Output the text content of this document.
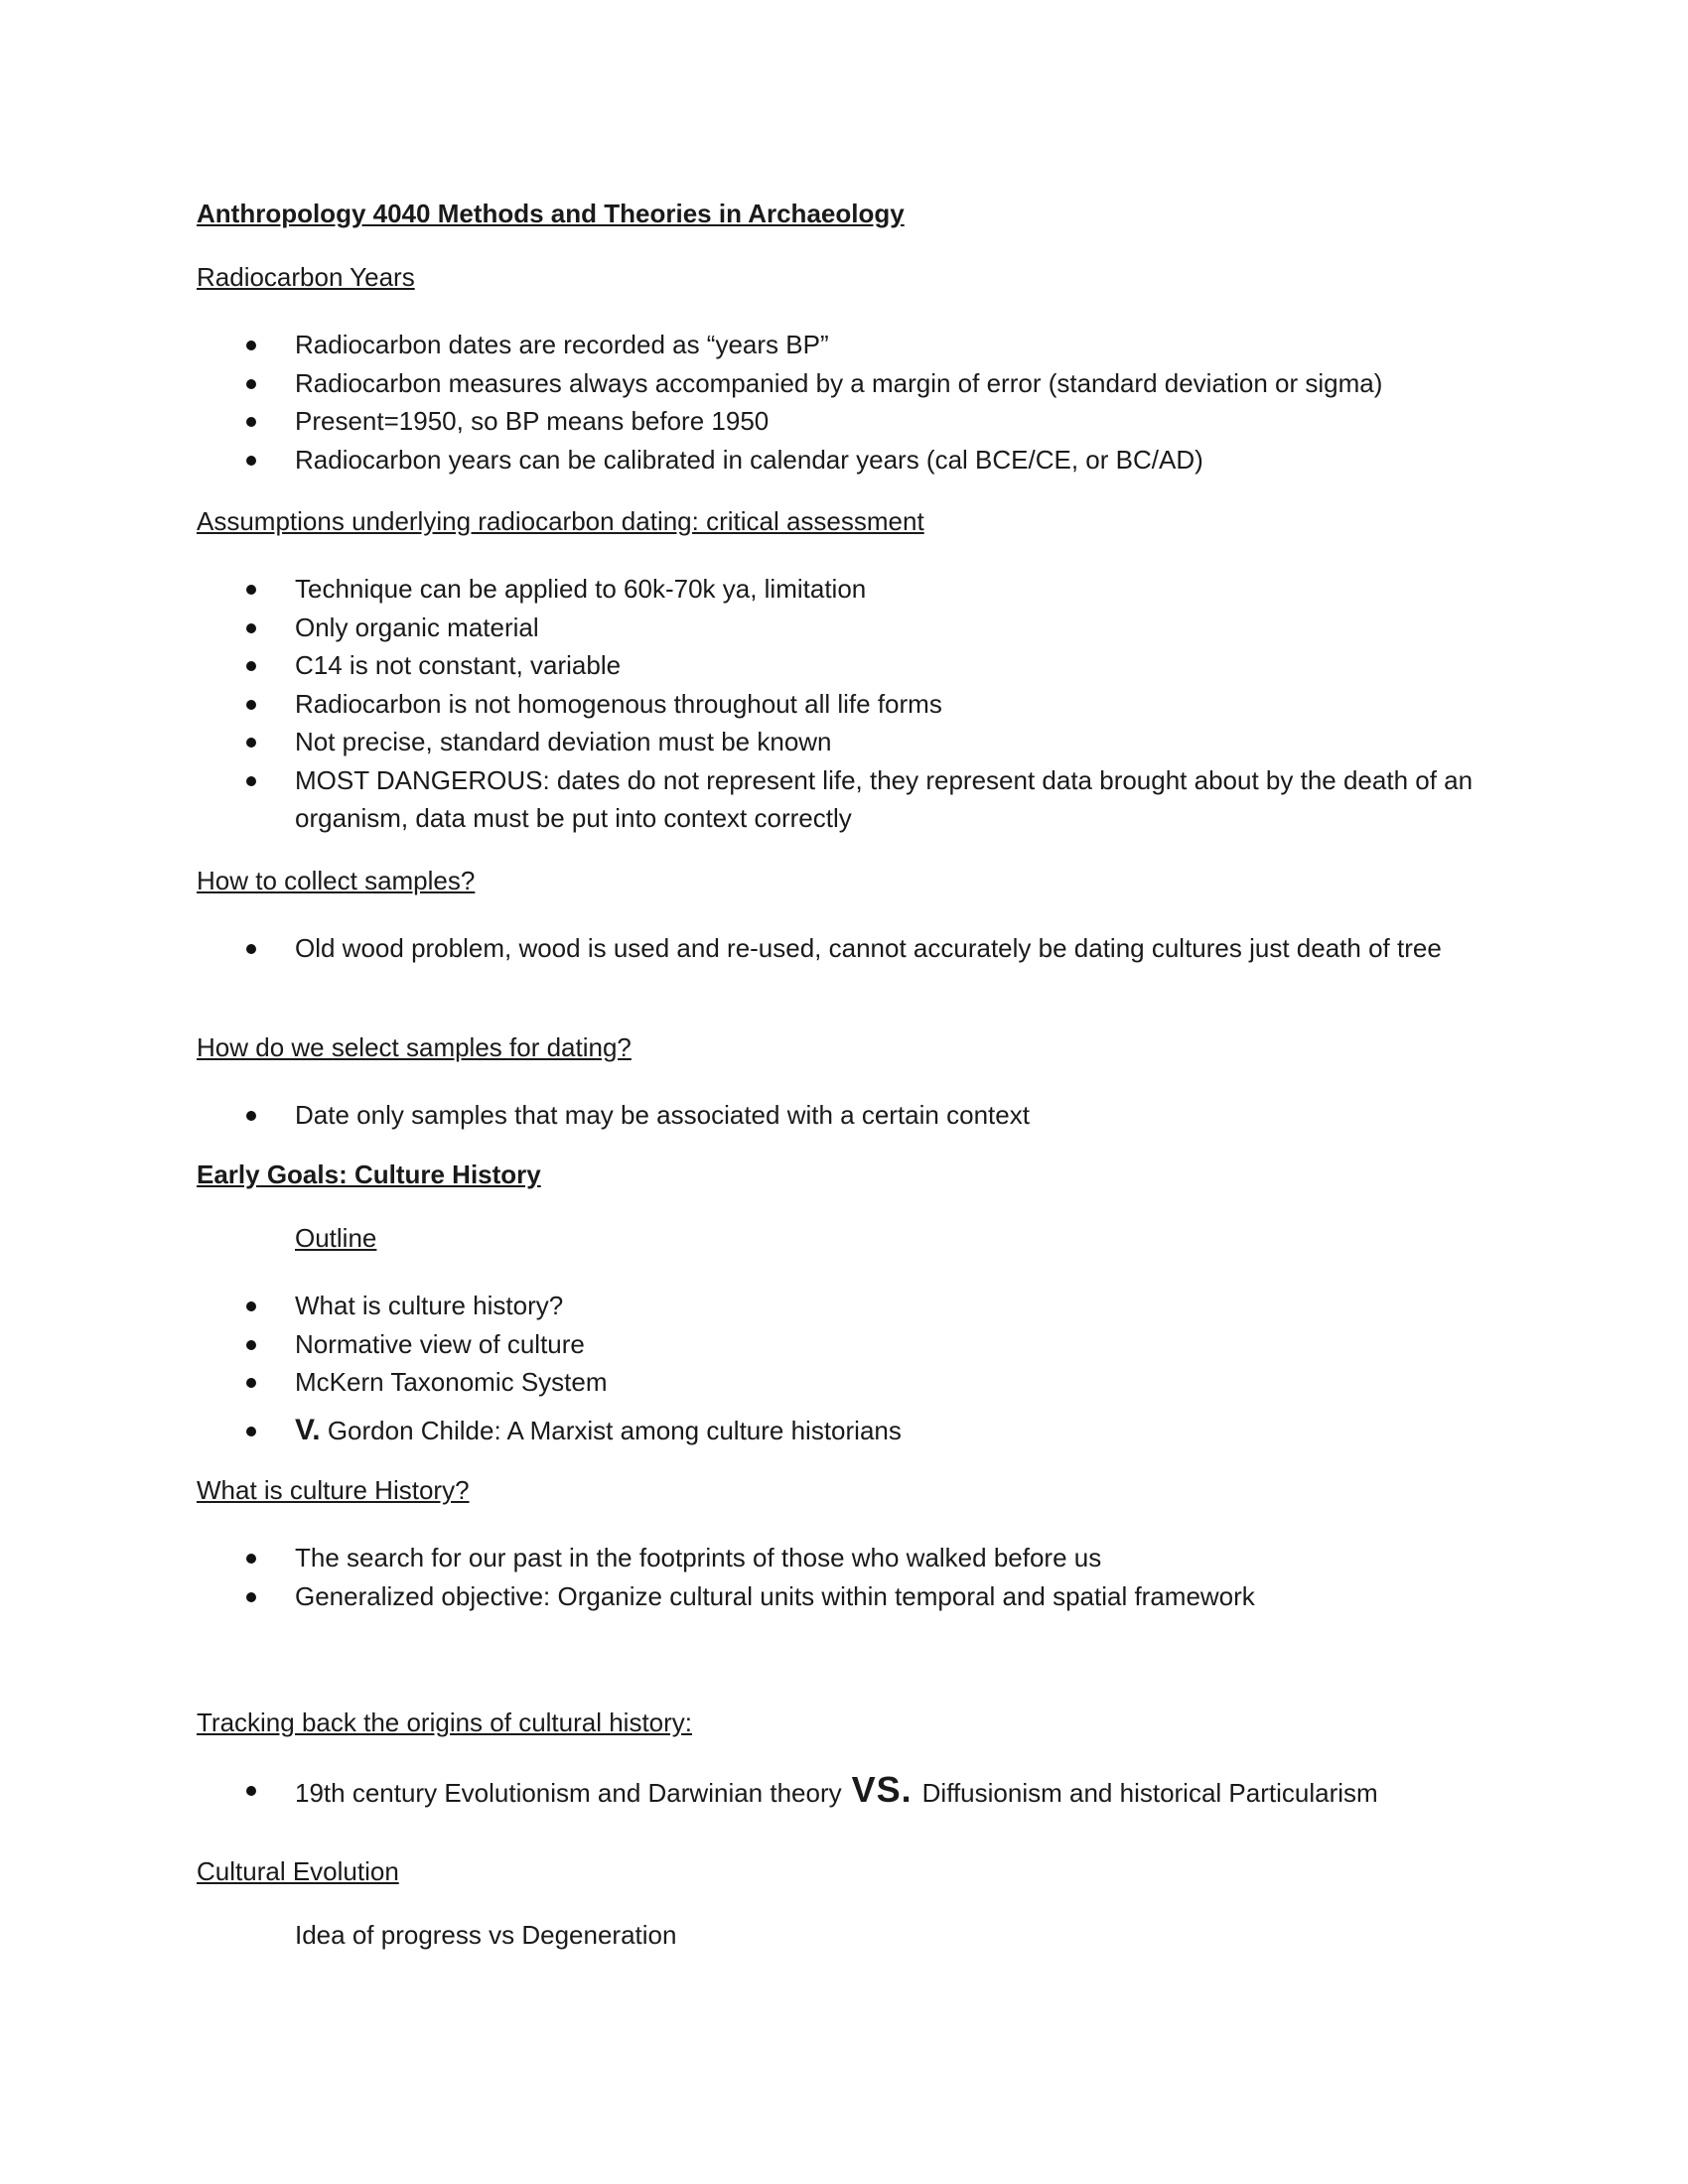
Anthropology 4040 Methods and Theories in Archaeology
Radiocarbon Years
Radiocarbon dates are recorded as “years BP”
Radiocarbon measures always accompanied by a margin of error (standard deviation or sigma)
Present=1950, so BP means before 1950
Radiocarbon years can be calibrated in calendar years (cal BCE/CE, or BC/AD)
Assumptions underlying radiocarbon dating: critical assessment
Technique can be applied to 60k-70k ya, limitation
Only organic material
C14 is not constant, variable
Radiocarbon is not homogenous throughout all life forms
Not precise, standard deviation must be known
MOST DANGEROUS: dates do not represent life, they represent data brought about by the death of an organism, data must be put into context correctly
How to collect samples?
Old wood problem, wood is used and re-used, cannot accurately be dating cultures just death of tree
How do we select samples for dating?
Date only samples that may be associated with a certain context
Early Goals: Culture History
Outline
What is culture history?
Normative view of culture
McKern Taxonomic System
V. Gordon Childe: A Marxist among culture historians
What is culture History?
The search for our past in the footprints of those who walked before us
Generalized objective: Organize cultural units within temporal and spatial framework
Tracking back the origins of cultural history:
19th century Evolutionism and Darwinian theory VS. Diffusionism and historical Particularism
Cultural Evolution
Idea of progress vs Degeneration
